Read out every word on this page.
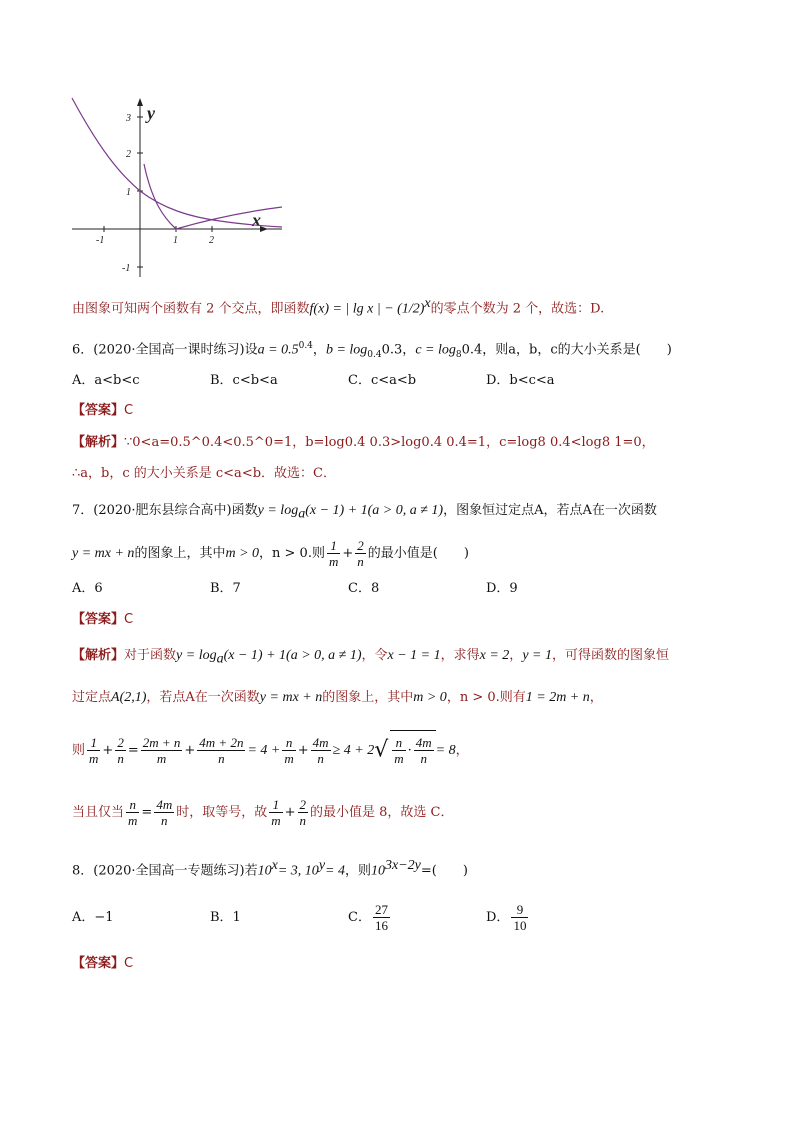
3
2
1
-1
-1	1	2
y
x
由图象可知两个函数有 2 个交点，即函数f(x) = | lg x | − $(1/2)^x$的零点个数为 2 个，故选：D.
6．(2020·全国高一课时练习)设$a = 0.5^{0.4}$，$b = \log_{0.4}0.3$，$c = \log_80.4$，则a，b，c的大小关系是(　　)
A．a<b<c	B．c<b<a	C．c<a<b	D．b<c<a
【答案】C
【解析】∵0<a=0.5^0.4<0.5^0=1，b=log0.4 0.3>log0.4 0.4=1，c=log8 0.4<log8 1=0，
∴a，b，c 的大小关系是 c<a<b．故选：C．
7．(2020·肥东县综合高中)函数$y = \log_a(x - 1) + 1(a > 0$, a ≠ 1)，图象恒过定点A，若点A在一次函数
y = mx + n的图象上，其中m > 0，n > 0.则 $\frac{1}{m} + \frac{2}{n}$ 的最小值是(　　)
A．6	B．7	C．8	D．9
【答案】C
【解析】对于函数$y = \log_a(x - 1) + 1(a > 0$, a ≠ 1)，令x − 1 = 1，求得x = 2，y = 1，可得函数的图象恒
过定点A(2,1)，若点A在一次函数y = mx + n的图象上，其中m > 0，n > 0.则有1 = 2m + n，
则 $\frac{1}{m} + \frac{2}{n} = \frac{2m + n}{m} + \frac{4m + 2n}{n} = 4 + \frac{n}{m} + \frac{4m}{n} \ge 4 + 2√ \frac{n}{m} \cdot \frac{4m}{n} = 8$，
当且仅当 $\frac{n}{m} = \frac{4m}{n}$ 时，取等号，故 $\frac{1}{m} + \frac{2}{n}$ 的最小值是 8，故选 C．
8．(2020·全国高一专题练习)若$10^x= 3$, $10^y= 4$，则$10^{3x-2y}=$(　　)
A．−1	B．1	C． $\frac{27}{16}$	D． $\frac{9}{10}$
【答案】C
